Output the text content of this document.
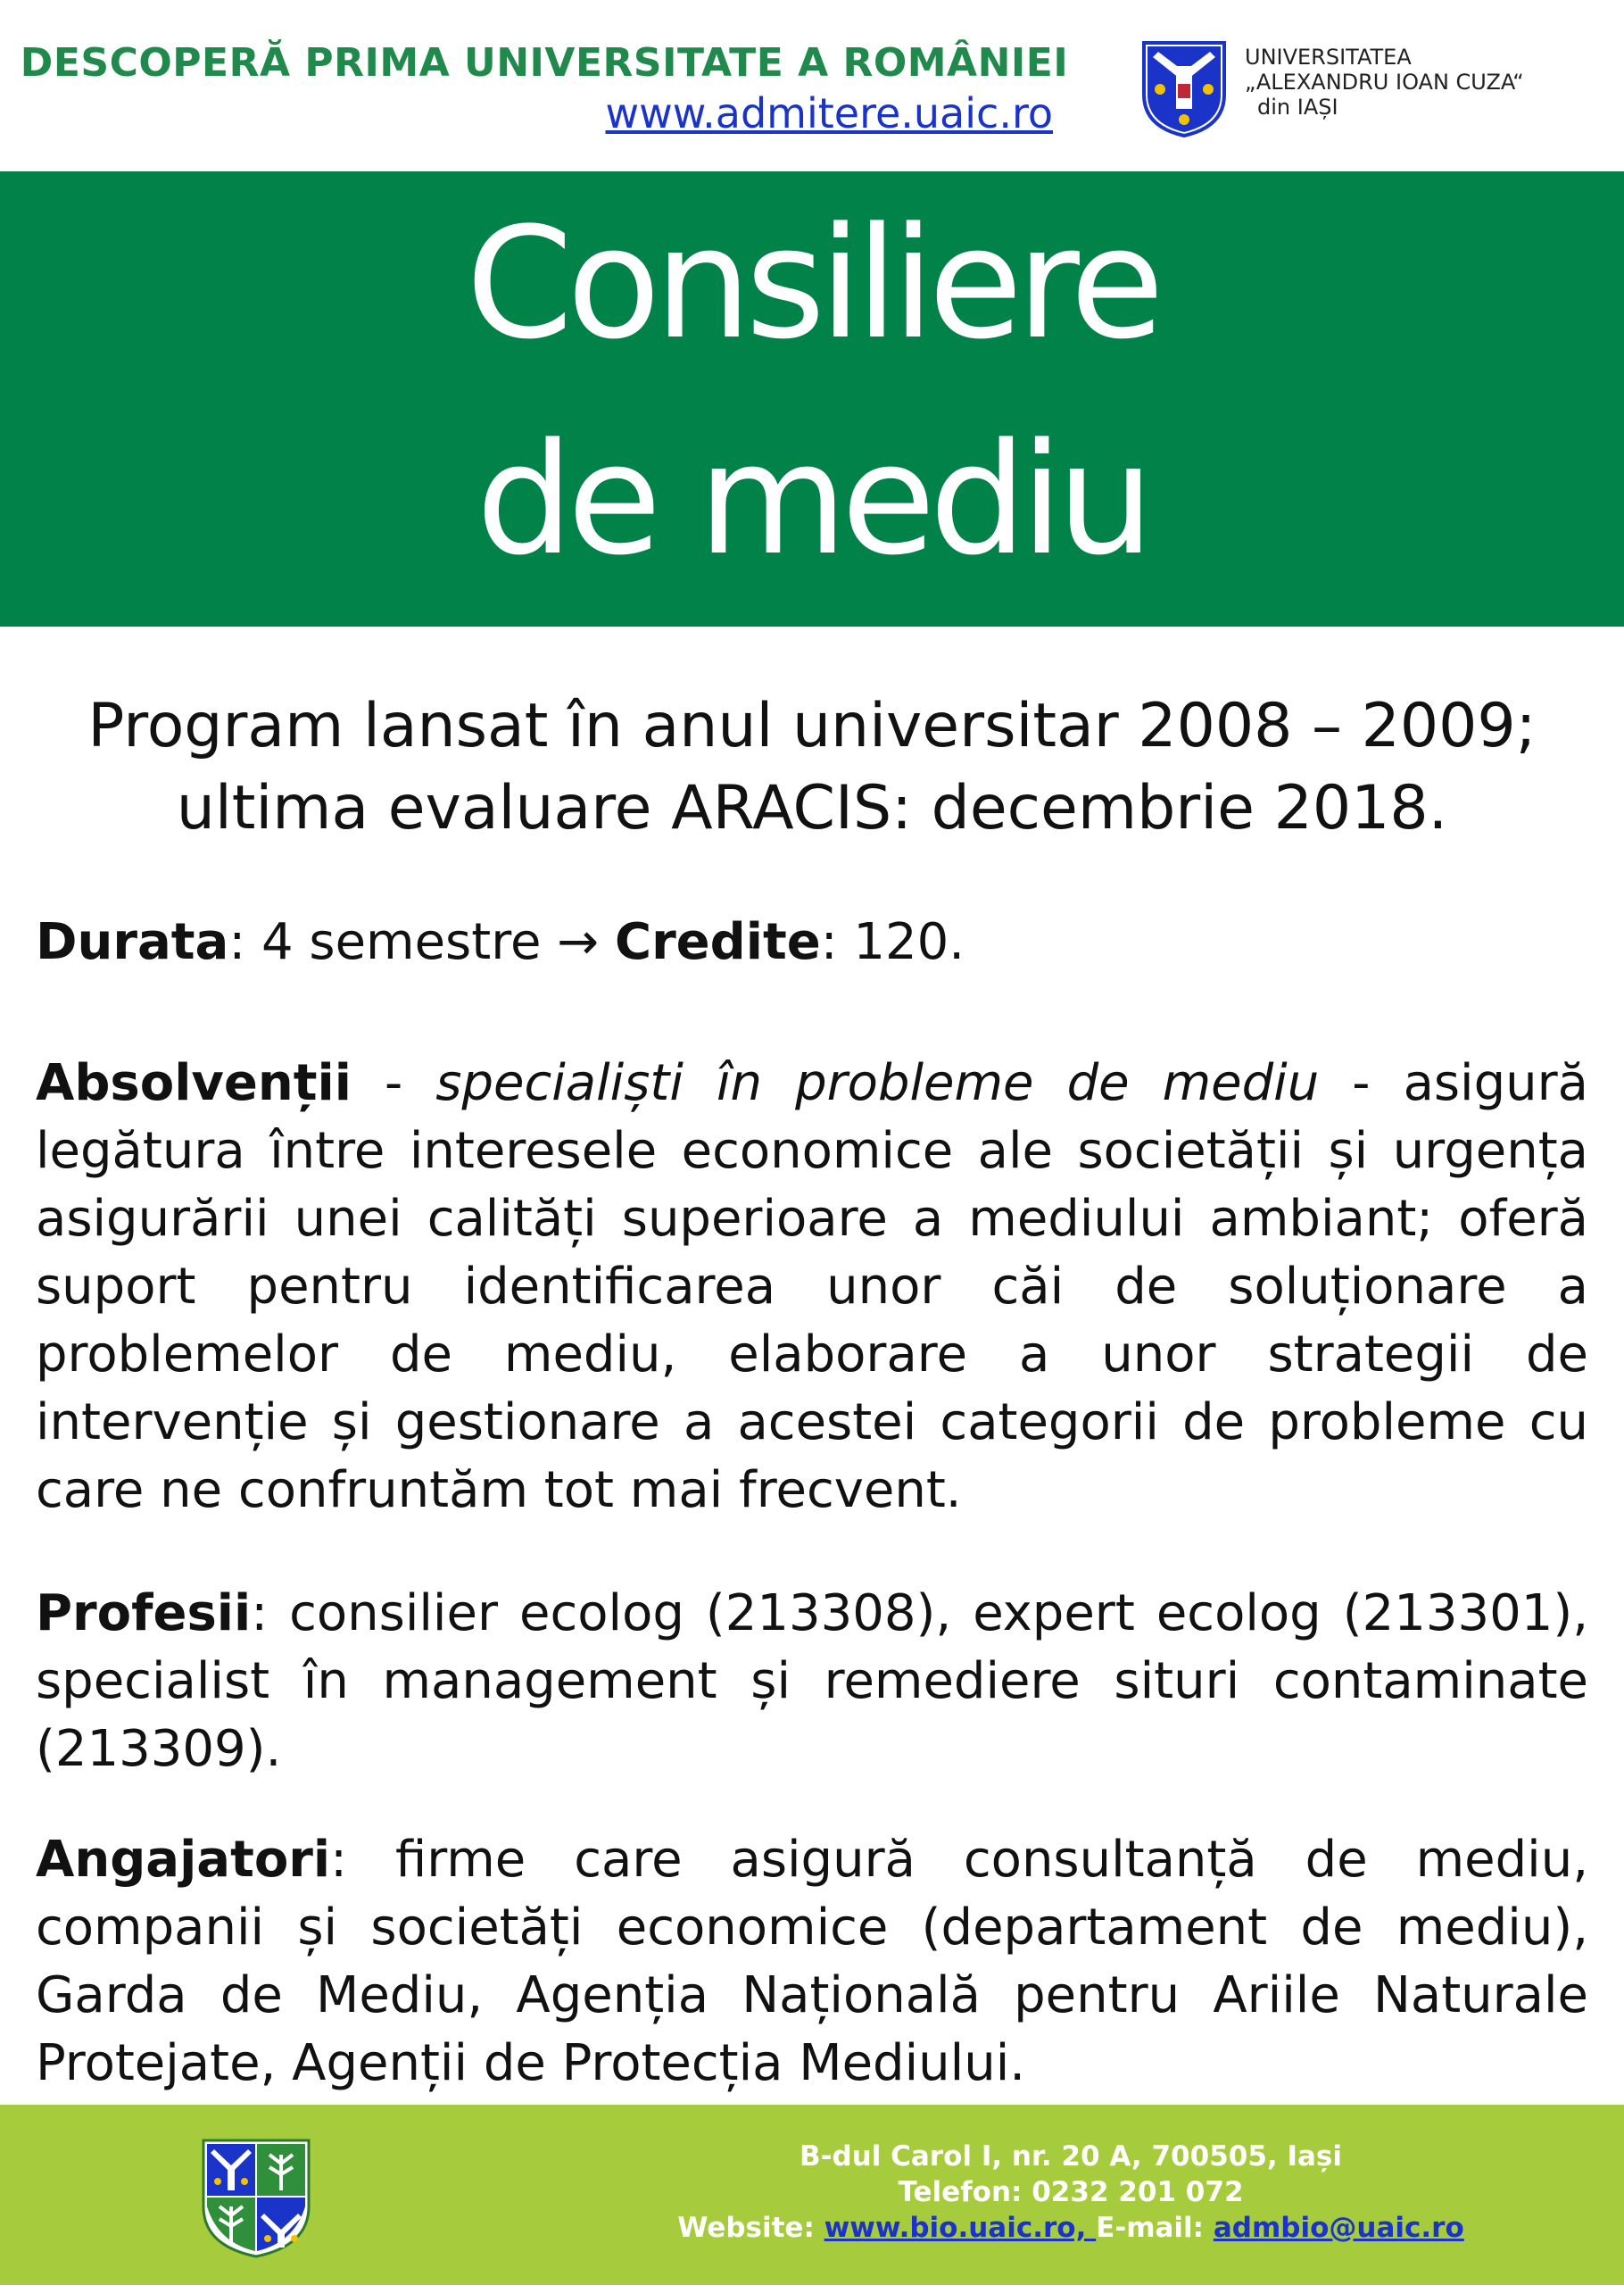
DESCOPERĂ PRIMA UNIVERSITATE A ROMÂNIEI
www.admitere.uaic.ro
UNIVERSITATEA
„ALEXANDRU IOAN CUZA“
din IAȘI
Consiliere
de mediu
Program lansat în anul universitar 2008 – 2009;
ultima evaluare ARACIS: decembrie 2018.
Durata: 4 semestre → Credite: 120.
Absolvenții - specialiști în probleme de mediu - asigură legătura între interesele economice ale societății și urgența asigurării unei calități superioare a mediului ambiant; oferă suport pentru identificarea unor căi de soluționare a problemelor de mediu, elaborare a unor strategii de intervenție și gestionare a acestei categorii de probleme cu care ne confruntăm tot mai frecvent.
Profesii: consilier ecolog (213308), expert ecolog (213301), specialist în management și remediere situri contaminate (213309).
Angajatori: firme care asigură consultanță de mediu, companii și societăți economice (departament de mediu), Garda de Mediu, Agenția Națională pentru Ariile Naturale Protejate, Agenții de Protecția Mediului.
B-dul Carol I, nr. 20 A, 700505, Iași
Telefon: 0232 201 072
Website: www.bio.uaic.ro, E-mail: admbio@uaic.ro
